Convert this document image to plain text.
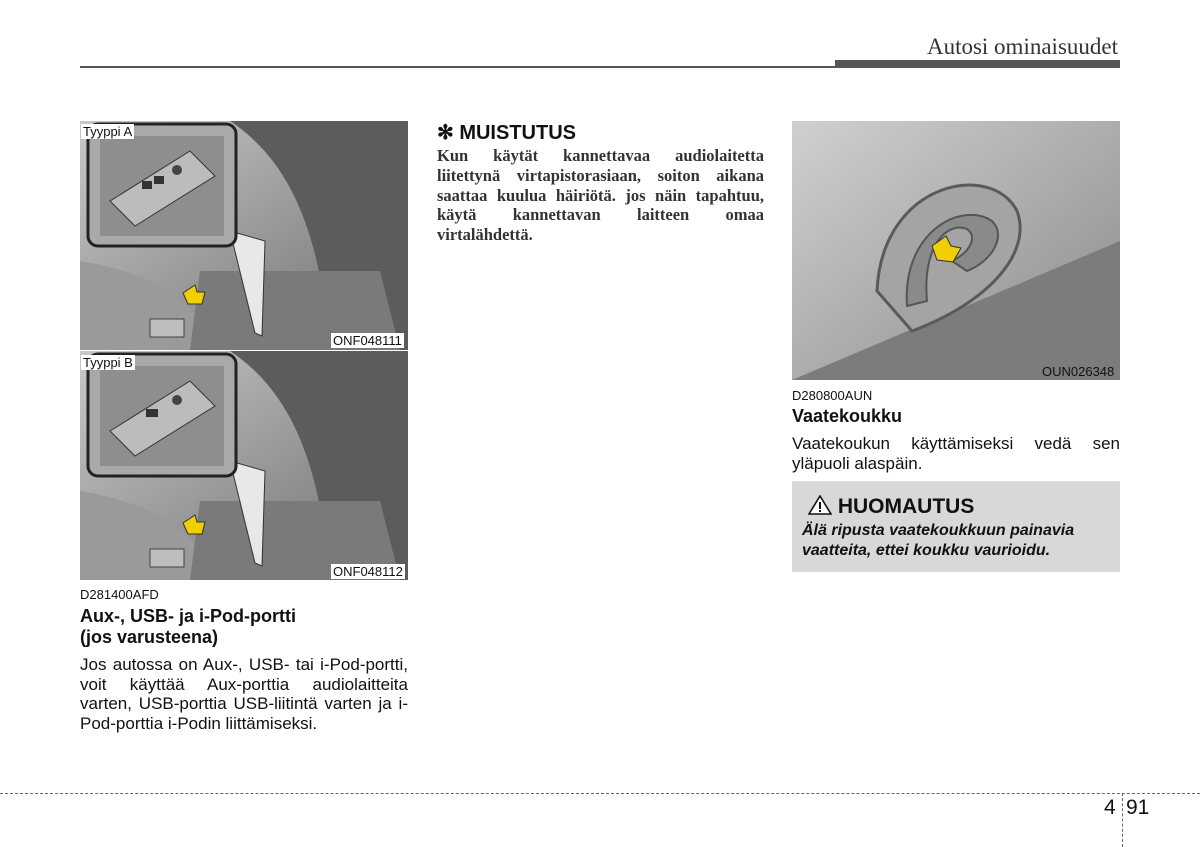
Autosi ominaisuudet
Tyyppi A
ONF048111
Tyyppi B
ONF048112
D281400AFD
Aux-, USB- ja i-Pod-portti
(jos varusteena)
Jos autossa on Aux-, USB- tai i-Pod-portti, voit käyttää Aux-porttia audiolaitteita varten, USB-porttia USB-liitintä varten ja i-Pod-porttia i-Podin liittämiseksi.
✻ MUISTUTUS
Kun käytät kannettavaa audiolaitetta liitettynä virtapistorasiaan, soiton aikana saattaa kuulua häiriötä. jos näin tapahtuu, käytä kannettavan laitteen omaa virtalähdettä.
OUN026348
D280800AUN
Vaatekoukku
Vaatekoukun käyttämiseksi vedä sen yläpuoli alaspäin.
HUOMAUTUS
Älä ripusta vaatekoukkuun painavia vaatteita, ettei koukku vaurioidu.
4 91
